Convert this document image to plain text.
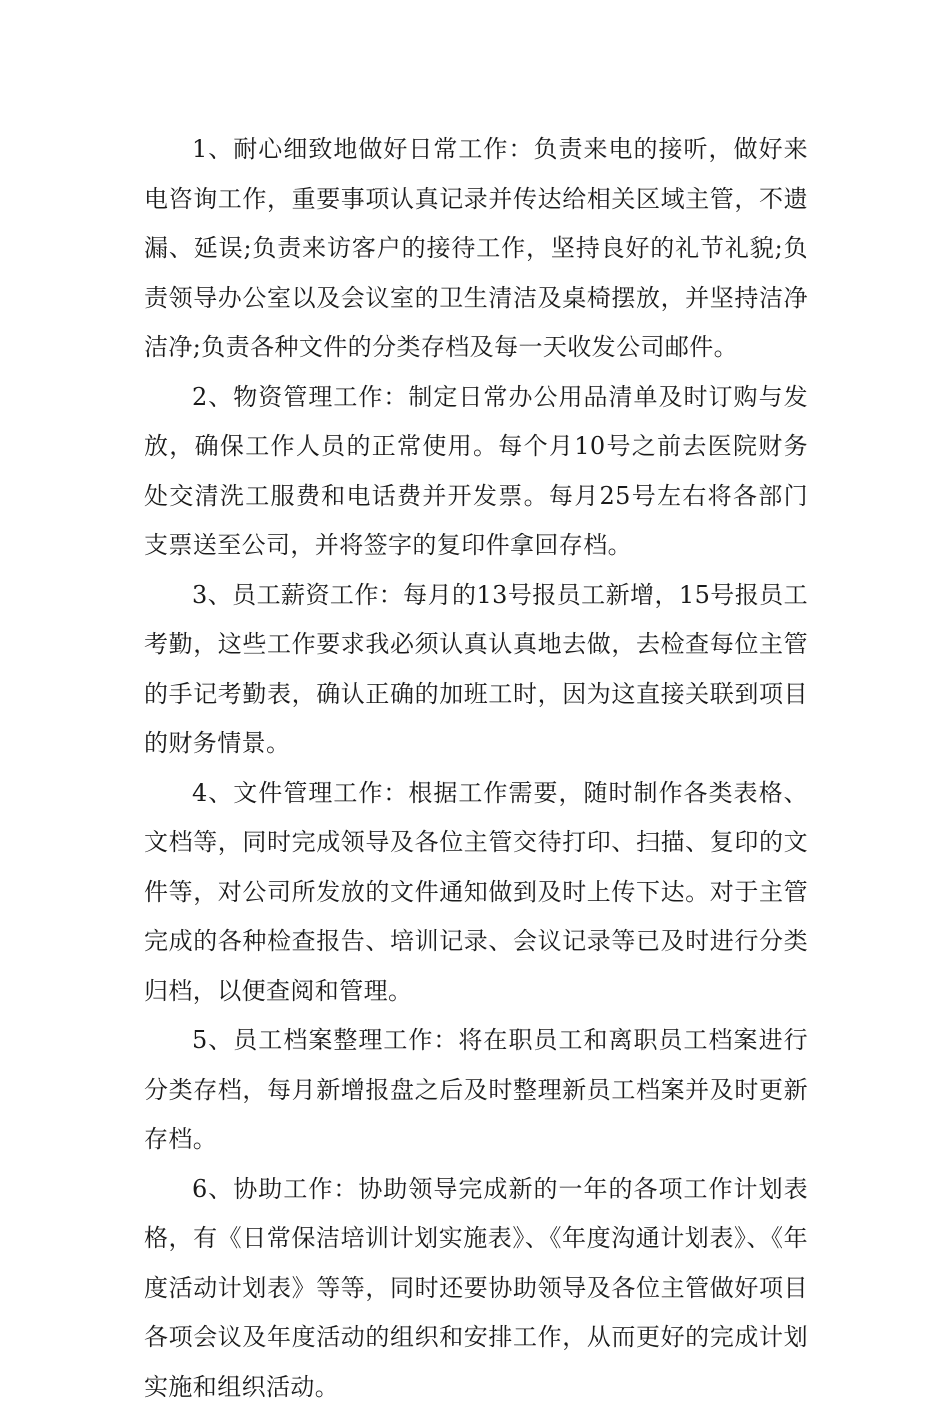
1、耐心细致地做好日常工作：负责来电的接听，做好来电咨询工作，重要事项认真记录并传达给相关区域主管，不遗漏、延误;负责来访客户的接待工作，坚持良好的礼节礼貌;负责领导办公室以及会议室的卫生清洁及桌椅摆放，并坚持洁净洁净;负责各种文件的分类存档及每一天收发公司邮件。

2、物资管理工作：制定日常办公用品清单及时订购与发放，确保工作人员的正常使用。每个月10号之前去医院财务处交清洗工服费和电话费并开发票。每月25号左右将各部门支票送至公司，并将签字的复印件拿回存档。

3、员工薪资工作：每月的13号报员工新增，15号报员工考勤，这些工作要求我必须认真认真地去做，去检查每位主管的手记考勤表，确认正确的加班工时，因为这直接关联到项目的财务情景。

4、文件管理工作：根据工作需要，随时制作各类表格、文档等，同时完成领导及各位主管交待打印、扫描、复印的文件等，对公司所发放的文件通知做到及时上传下达。对于主管完成的各种检查报告、培训记录、会议记录等已及时进行分类归档，以便查阅和管理。

5、员工档案整理工作：将在职员工和离职员工档案进行分类存档，每月新增报盘之后及时整理新员工档案并及时更新存档。

6、协助工作：协助领导完成新的一年的各项工作计划表格，有《日常保洁培训计划实施表》、《年度沟通计划表》、《年度活动计划表》等等，同时还要协助领导及各位主管做好项目各项会议及年度活动的组织和安排工作，从而更好的完成计划实施和组织活动。
